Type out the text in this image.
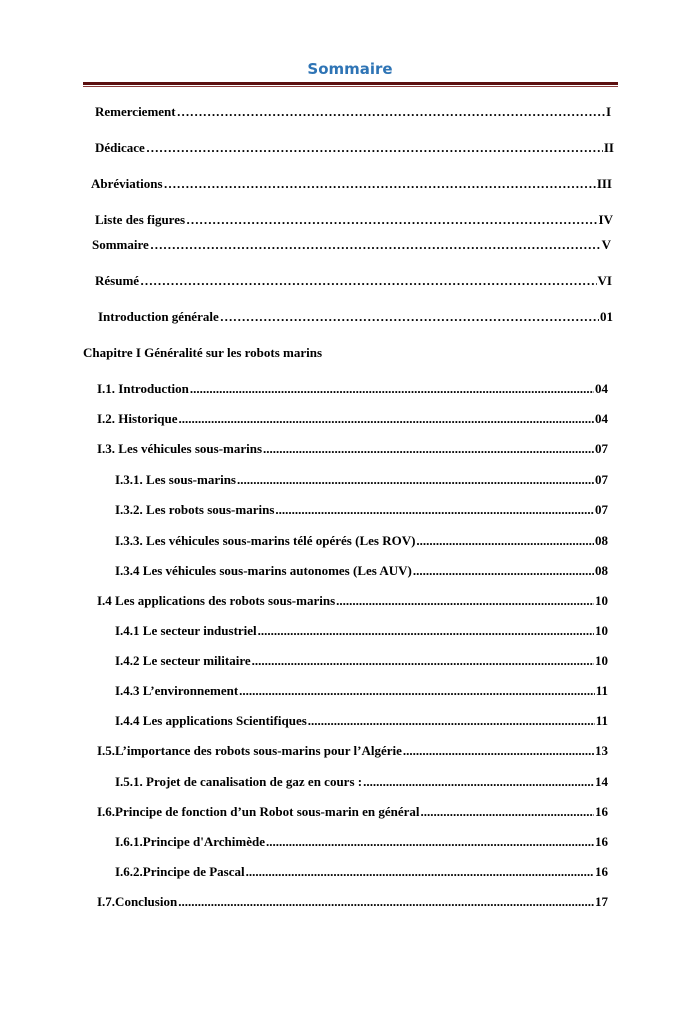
Sommaire
Remerciement …………………………………………………………………………………………………………………………………………………………………………………………………………	I
Dédicace …………………………………………………………………………………………………………………………………………………………………………………………………………	II
Abréviations …………………………………………………………………………………………………………………………………………………………………………………………………………	III
Liste des figures …………………………………………………………………………………………………………………………………………………………………………………………………………	IV
Sommaire …………………………………………………………………………………………………………………………………………………………………………………………………………	V
Résumé …………………………………………………………………………………………………………………………………………………………………………………………………………	VI
Introduction générale …………………………………………………………………………………………………………………………………………………………………………………………………………	01
Chapitre I Généralité sur les robots marins
I.1. Introduction .....	04
I.2. Historique .....	04
I.3. Les véhicules sous-marins .....	07
I.3.1. Les sous-marins .....	07
I.3.2. Les robots sous-marins .....	07
I.3.3. Les véhicules sous-marins télé opérés (Les ROV) .....	08
I.3.4 Les véhicules sous-marins autonomes (Les AUV) .....	08
I.4 Les applications des robots sous-marins .....	10
I.4.1 Le secteur industriel .....	10
I.4.2 Le secteur militaire .....	10
I.4.3 L’environnement .....	11
I.4.4 Les applications Scientifiques .....	11
I.5.L’importance des robots sous-marins pour l’Algérie .....	13
I.5.1. Projet de canalisation de gaz en cours : .....	14
I.6.Principe de fonction d’un Robot sous-marin en général .....	16
I.6.1.Principe d'Archimède .....	16
I.6.2.Principe de Pascal .....	16
I.7.Conclusion .....	17
